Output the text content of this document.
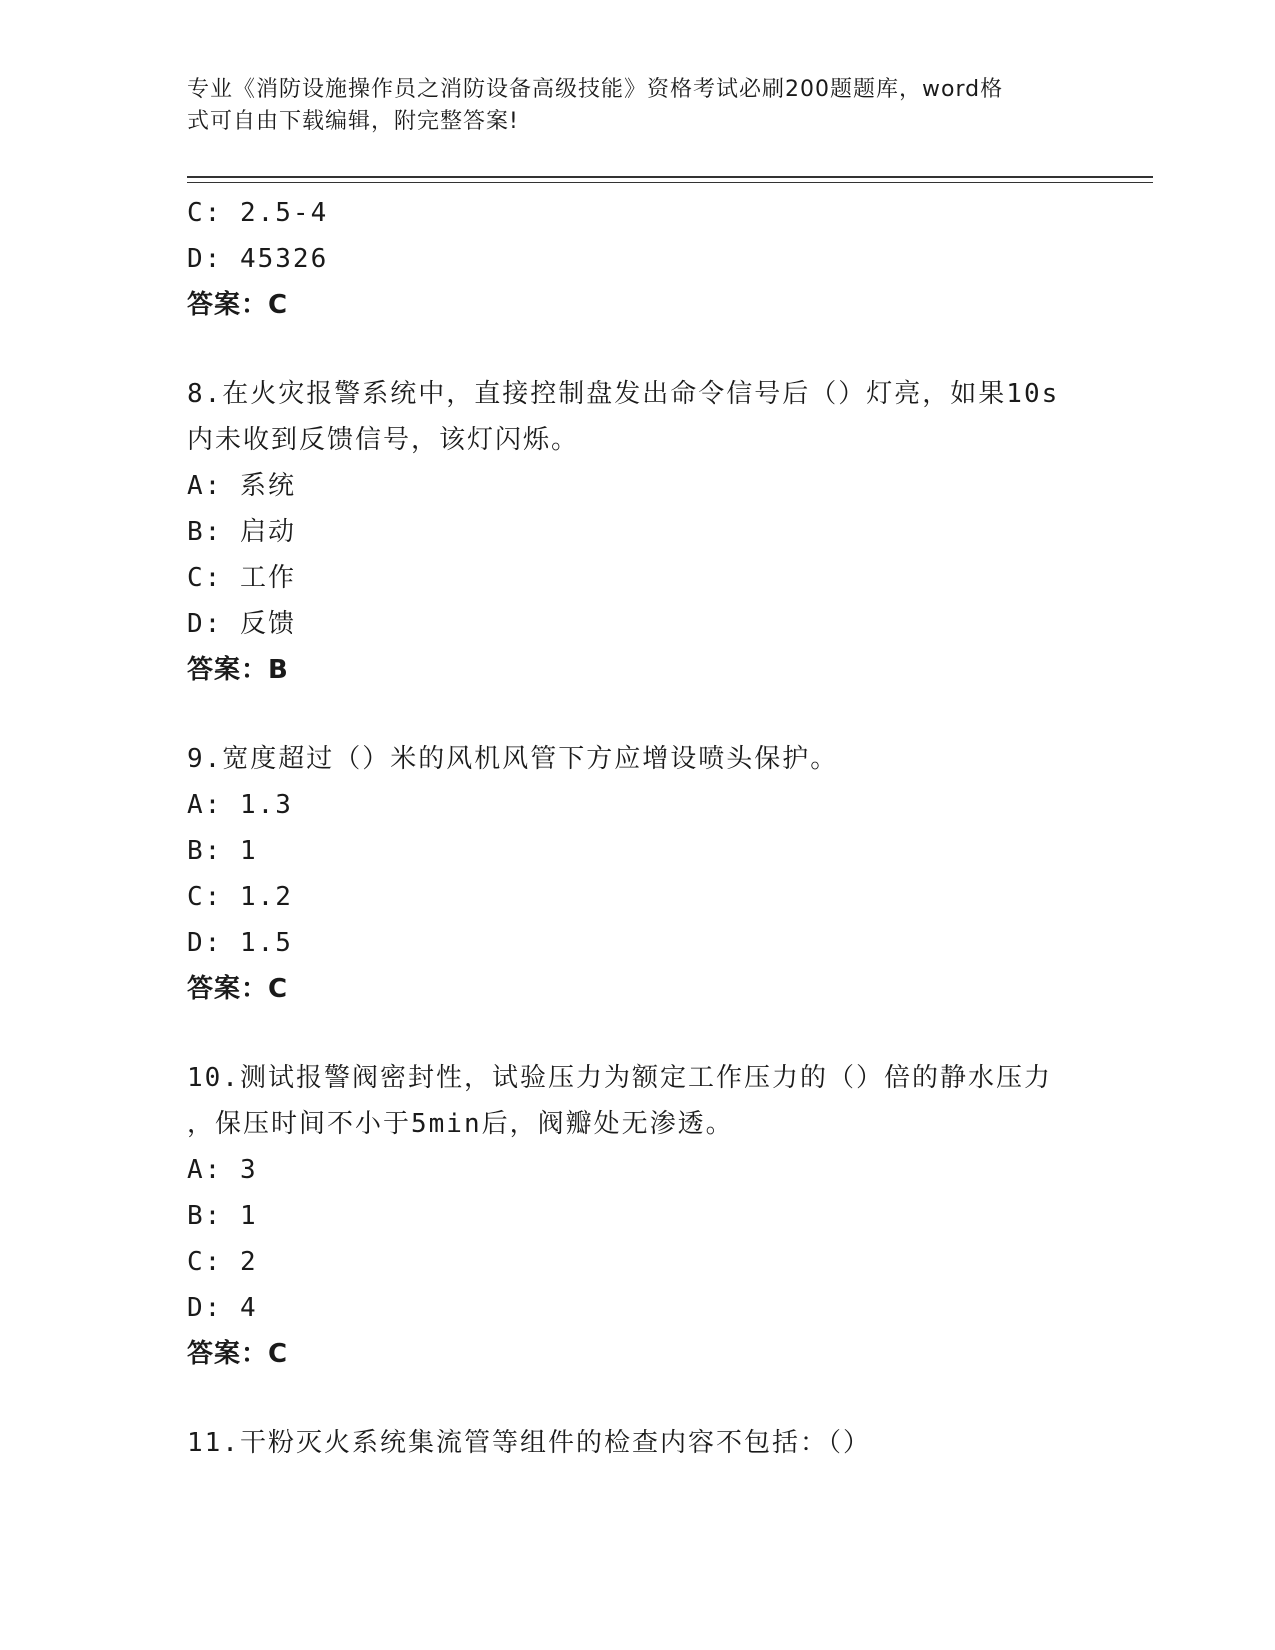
专业《消防设施操作员之消防设备高级技能》资格考试必刷200题题库，word格
式可自由下载编辑，附完整答案!
C: 2.5-4
D: 45326
答案：C
8.在火灾报警系统中，直接控制盘发出命令信号后（）灯亮，如果10s
内未收到反馈信号，该灯闪烁。
A: 系统
B: 启动
C: 工作
D: 反馈
答案：B
9.宽度超过（）米的风机风管下方应增设喷头保护。
A: 1.3
B: 1
C: 1.2
D: 1.5
答案：C
10.测试报警阀密封性，试验压力为额定工作压力的（）倍的静水压力
，保压时间不小于5min后，阀瓣处无渗透。
A: 3
B: 1
C: 2
D: 4
答案：C
11.干粉灭火系统集流管等组件的检查内容不包括：（）
